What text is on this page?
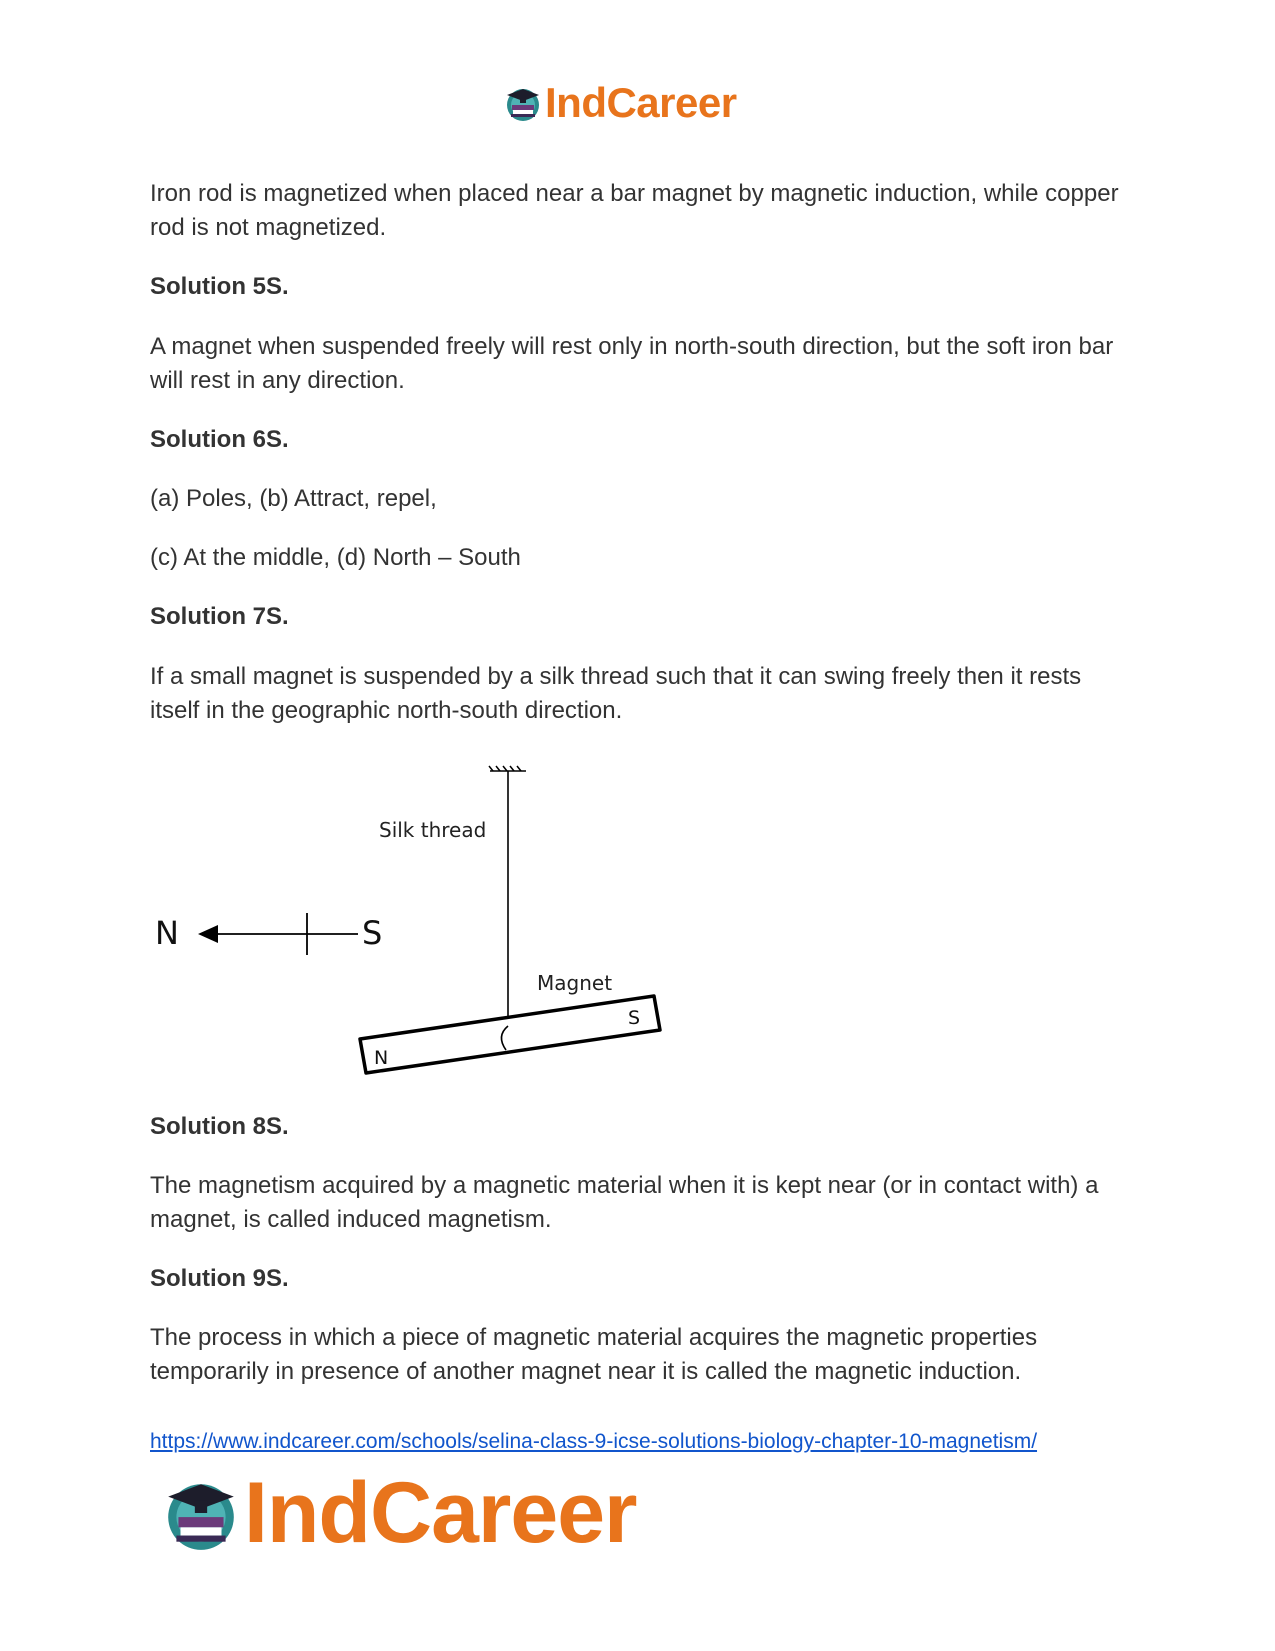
IndCareer

Iron rod is magnetized when placed near a bar magnet by magnetic induction, while copper rod is not magnetized.

Solution 5S.

A magnet when suspended freely will rest only in north-south direction, but the soft iron bar will rest in any direction.

Solution 6S.

(a) Poles, (b) Attract, repel,

(c) At the middle, (d) North – South

Solution 7S.

If a small magnet is suspended by a silk thread such that it can swing freely then it rests itself in the geographic north-south direction.

Silk thread
N	S
Magnet
N
S

Solution 8S.

The magnetism acquired by a magnetic material when it is kept near (or in contact with) a magnet, is called induced magnetism.

Solution 9S.

The process in which a piece of magnetic material acquires the magnetic properties temporarily in presence of another magnet near it is called the magnetic induction.

https://www.indcareer.com/schools/selina-class-9-icse-solutions-biology-chapter-10-magnetism/
IndCareer
